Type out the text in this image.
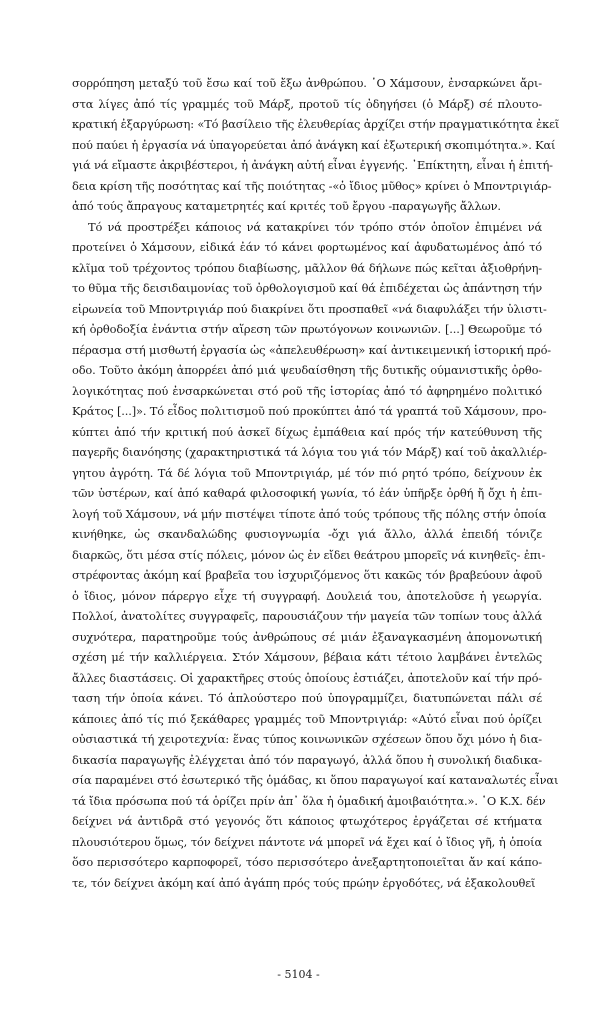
σορρόπηση μεταξύ τοῦ ἔσω καί τοῦ ἔξω ἀνθρώπου. ῾Ο Χάμσουν, ἐνσαρκώνει ἄρι-
στα λίγες ἀπό τίς γραμμές τοῦ Μάρξ, προτοῦ τίς ὀδηγήσει (ὁ Μάρξ) σέ πλουτο-
κρατική ἐξαργύρωση: «Τό βασίλειο τῆς ἐλευθερίας ἀρχίζει στήν πραγματικότητα ἐκεῖ
πού παύει ἡ ἐργασία νά ὑπαγορεύεται ἀπό ἀνάγκη καί ἐξωτερική σκοπιμότητα.». Καί
γιά νά εἴμαστε ἀκριβέστεροι, ἡ ἀνάγκη αὐτή εἶναι ἐγγενής. ᾽Επίκτητη, εἶναι ἡ ἐπιτή-
δεια κρίση τῆς ποσότητας καί τῆς ποιότητας -«ὁ ἴδιος μῦθος» κρίνει ὁ Μποντριγιάρ-
ἀπό τούς ἄπραγους καταμετρητές καί κριτές τοῦ ἔργου -παραγωγῆς ἄλλων.
Τό νά προστρέξει κάποιος νά κατακρίνει τόν τρόπο στόν ὁποῖον ἐπιμένει νά
προτείνει ὁ Χάμσουν, εἰδικά ἐάν τό κάνει φορτωμένος καί ἀφυδατωμένος ἀπό τό
κλῖμα τοῦ τρέχοντος τρόπου διαβίωσης, μᾶλλον θά δήλωνε πώς κεῖται ἀξιοθρήνη-
το θῦμα τῆς δεισιδαιμονίας τοῦ ὀρθολογισμοῦ καί θά ἐπιδέχεται ὡς ἀπάντηση τήν
εἰρωνεία τοῦ Μποντριγιάρ πού διακρίνει ὅτι προσπαθεῖ «νά διαφυλάξει τήν ὑλιστι-
κή ὀρθοδοξία ἐνάντια στήν αἵρεση τῶν πρωτόγονων κοινωνιῶν. [...] Θεωροῦμε τό
πέρασμα στή μισθωτή ἐργασία ὡς «ἀπελευθέρωση» καί ἀντικειμενική ἱστορική πρό-
οδο. Τοῦτο ἀκόμη ἀπορρέει ἀπό μιά ψευδαίσθηση τῆς δυτικῆς ούμανιστικῆς ὀρθο-
λογικότητας πού ἐνσαρκώνεται στό ροῦ τῆς ἱστορίας ἀπό τό ἀφηρημένο πολιτικό
Κράτος [...]». Τό εἶδος πολιτισμοῦ πού προκύπτει ἀπό τά γραπτά τοῦ Χάμσουν, προ-
κύπτει ἀπό τήν κριτική πού ἀσκεῖ δίχως ἐμπάθεια καί πρός τήν κατεύθυνση τῆς
παγερῆς διανόησης (χαρακτηριστικά τά λόγια του γιά τόν Μάρξ) καί τοῦ ἀκαλλιέρ-
γητου ἀγρότη. Τά δέ λόγια τοῦ Μποντριγιάρ, μέ τόν πιό ρητό τρόπο, δείχνουν ἐκ
τῶν ὑστέρων, καί ἀπό καθαρά φιλοσοφική γωνία, τό ἐάν ὑπῆρξε ὀρθή ἤ ὄχι ἡ ἐπι-
λογή τοῦ Χάμσουν, νά μήν πιστέψει τίποτε ἀπό τούς τρόπους τῆς πόλης στήν ὁποία
κινήθηκε, ὡς σκανδαλώδης φυσιογνωμία -ὄχι γιά ἄλλο, ἀλλά ἐπειδή τόνιζε
διαρκῶς, ὅτι μέσα στίς πόλεις, μόνον ὡς ἐν εἴδει θεάτρου μπορεῖς νά κινηθεῖς- ἐπι-
στρέφοντας ἀκόμη καί βραβεῖα του ἰσχυριζόμενος ὅτι κακῶς τόν βραβεύουν ἀφοῦ
ὁ ἴδιος, μόνον πάρεργο εἶχε τή συγγραφή. Δουλειά του, ἀποτελοῦσε ἡ γεωργία.
Πολλοί, ἀνατολίτες συγγραφεῖς, παρουσιάζουν τήν μαγεία τῶν τοπίων τους ἀλλά
συχνότερα, παρατηροῦμε τούς ἀνθρώπους σέ μιάν ἐξαναγκασμένη ἀπομονωτική
σχέση μέ τήν καλλιέργεια. Στόν Χάμσουν, βέβαια κάτι τέτοιο λαμβάνει ἐντελῶς
ἄλλες διαστάσεις. Οἱ χαρακτῆρες στούς ὁποίους ἐστιάζει, ἀποτελοῦν καί τήν πρό-
ταση τήν ὁποία κάνει. Τό ἁπλούστερο πού ὑπογραμμίζει, διατυπώνεται πάλι σέ
κάποιες ἀπό τίς πιό ξεκάθαρες γραμμές τοῦ Μποντριγιάρ: «Αὐτό εἶναι πού ὁρίζει
οὐσιαστικά τή χειροτεχνία: ἕνας τύπος κοινωνικῶν σχέσεων ὅπου ὄχι μόνο ἡ δια-
δικασία παραγωγῆς ἐλέγχεται ἀπό τόν παραγωγό, ἀλλά ὅπου ἡ συνολική διαδικα-
σία παραμένει στό ἐσωτερικό τῆς ὁμάδας, κι ὅπου παραγωγοί καί καταναλωτές εἶναι
τά ἴδια πρόσωπα πού τά ὁρίζει πρίν ἀπ᾽ ὅλα ἡ ὁμαδική ἀμοιβαιότητα.». ῾Ο Κ.Χ. δέν
δείχνει νά ἀντιδρᾶ στό γεγονός ὅτι κάποιος φτωχότερος ἐργάζεται σέ κτήματα
πλουσιότερου ὅμως, τόν δείχνει πάντοτε νά μπορεῖ νά ἔχει καί ὁ ἴδιος γῆ, ἡ ὁποία
ὅσο περισσότερο καρποφορεῖ, τόσο περισσότερο ἀνεξαρτητοποιεῖται ἄν καί κάπο-
τε, τόν δείχνει ἀκόμη καί ἀπό ἀγάπη πρός τούς πρώην ἐργοδότες, νά ἐξακολουθεῖ
- 5104 -
